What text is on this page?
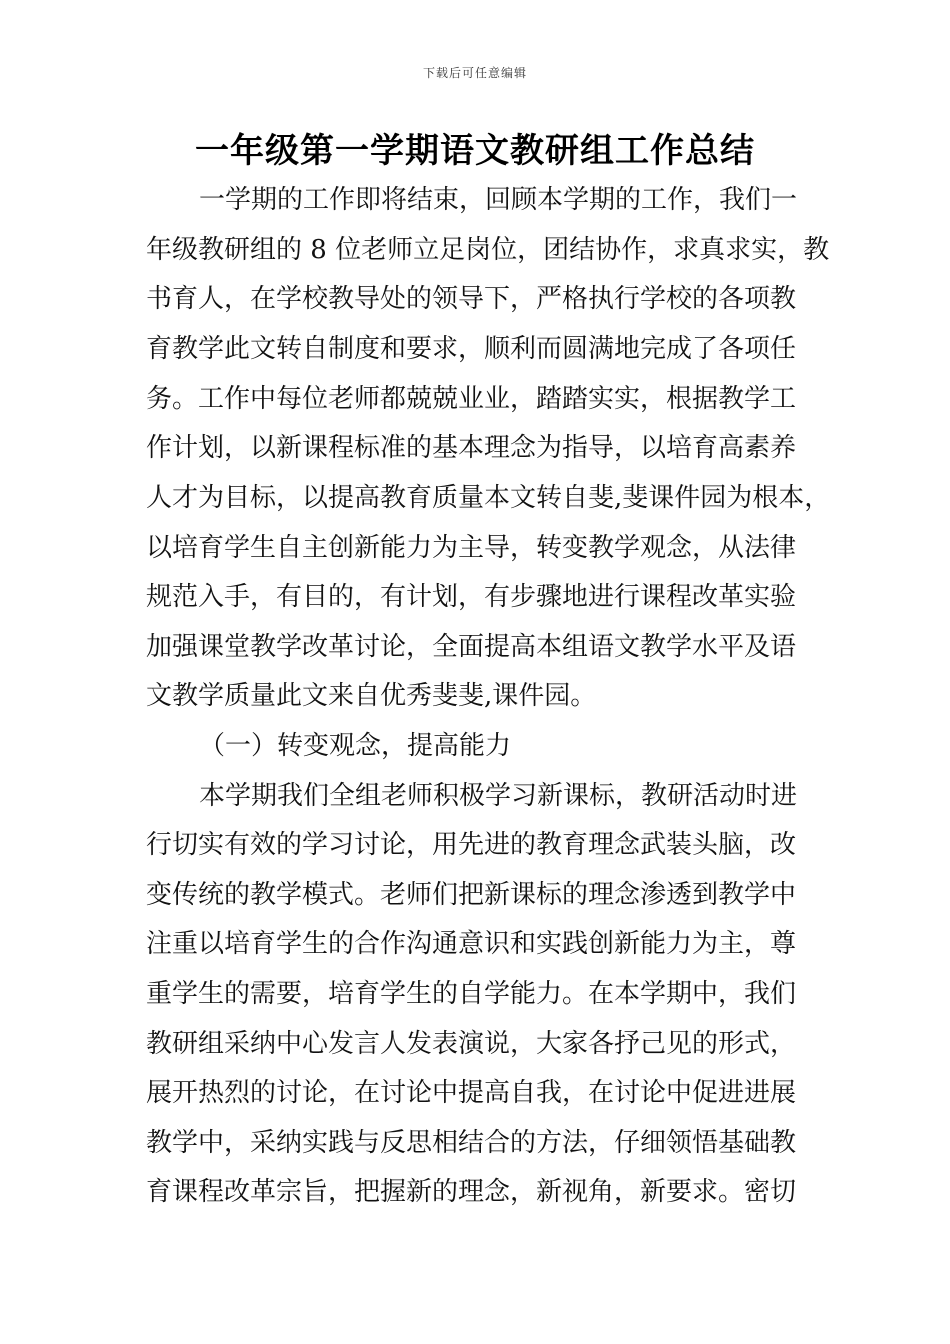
下载后可任意编辑
一年级第一学期语文教研组工作总结
一学期的工作即将结束，回顾本学期的工作，我们一
年级教研组的 8 位老师立足岗位，团结协作，求真求实，教
书育人，在学校教导处的领导下，严格执行学校的各项教
育教学此文转自制度和要求，顺利而圆满地完成了各项任
务。工作中每位老师都兢兢业业，踏踏实实，根据教学工
作计划，以新课程标准的基本理念为指导，以培育高素养
人才为目标，以提高教育质量本文转自斐,斐课件园为根本，
以培育学生自主创新能力为主导，转变教学观念，从法律
规范入手，有目的，有计划，有步骤地进行课程改革实验
加强课堂教学改革讨论，全面提高本组语文教学水平及语
文教学质量此文来自优秀斐斐,课件园。
（一）转变观念，提高能力
本学期我们全组老师积极学习新课标，教研活动时进
行切实有效的学习讨论，用先进的教育理念武装头脑，改
变传统的教学模式。老师们把新课标的理念渗透到教学中
注重以培育学生的合作沟通意识和实践创新能力为主，尊
重学生的需要，培育学生的自学能力。在本学期中，我们
教研组采纳中心发言人发表演说，大家各抒己见的形式，
展开热烈的讨论，在讨论中提高自我，在讨论中促进进展
教学中，采纳实践与反思相结合的方法，仔细领悟基础教
育课程改革宗旨，把握新的理念，新视角，新要求。密切
